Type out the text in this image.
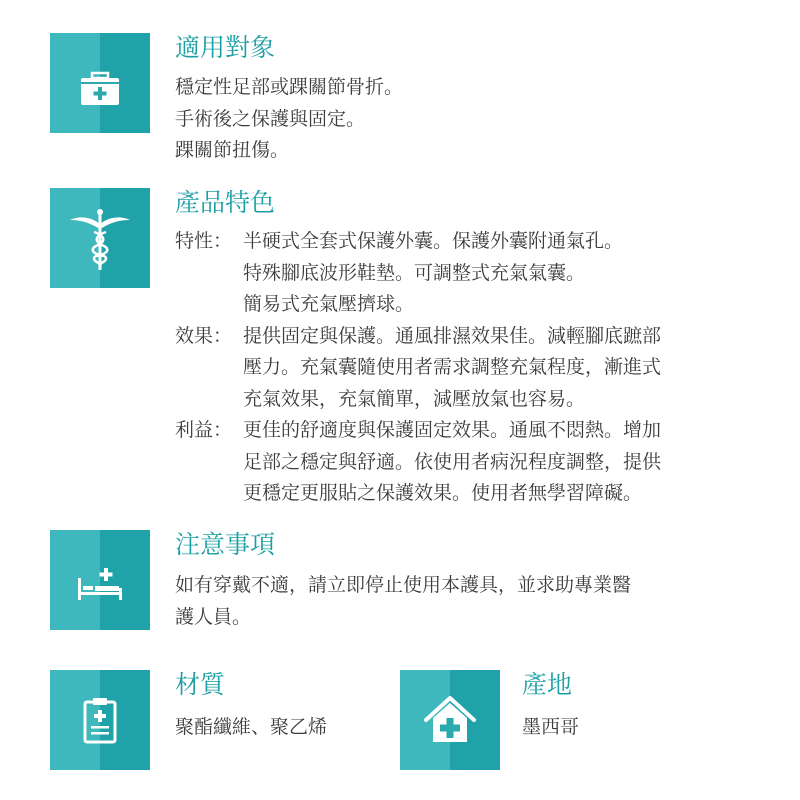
適用對象
穩定性足部或踝關節骨折。
手術後之保護與固定。
踝關節扭傷。
產品特色
特性： 半硬式全套式保護外囊。保護外囊附通氣孔。
特殊腳底波形鞋墊。可調整式充氣氣囊。
簡易式充氣壓擠球。
效果： 提供固定與保護。通風排濕效果佳。減輕腳底蹠部
壓力。充氣囊隨使用者需求調整充氣程度，漸進式
充氣效果，充氣簡單，減壓放氣也容易。
利益： 更佳的舒適度與保護固定效果。通風不悶熱。增加
足部之穩定與舒適。依使用者病況程度調整，提供
更穩定更服貼之保護效果。使用者無學習障礙。
注意事項
如有穿戴不適，請立即停止使用本護具，並求助專業醫
護人員。
材質
聚酯纖維、聚乙烯
產地
墨西哥
